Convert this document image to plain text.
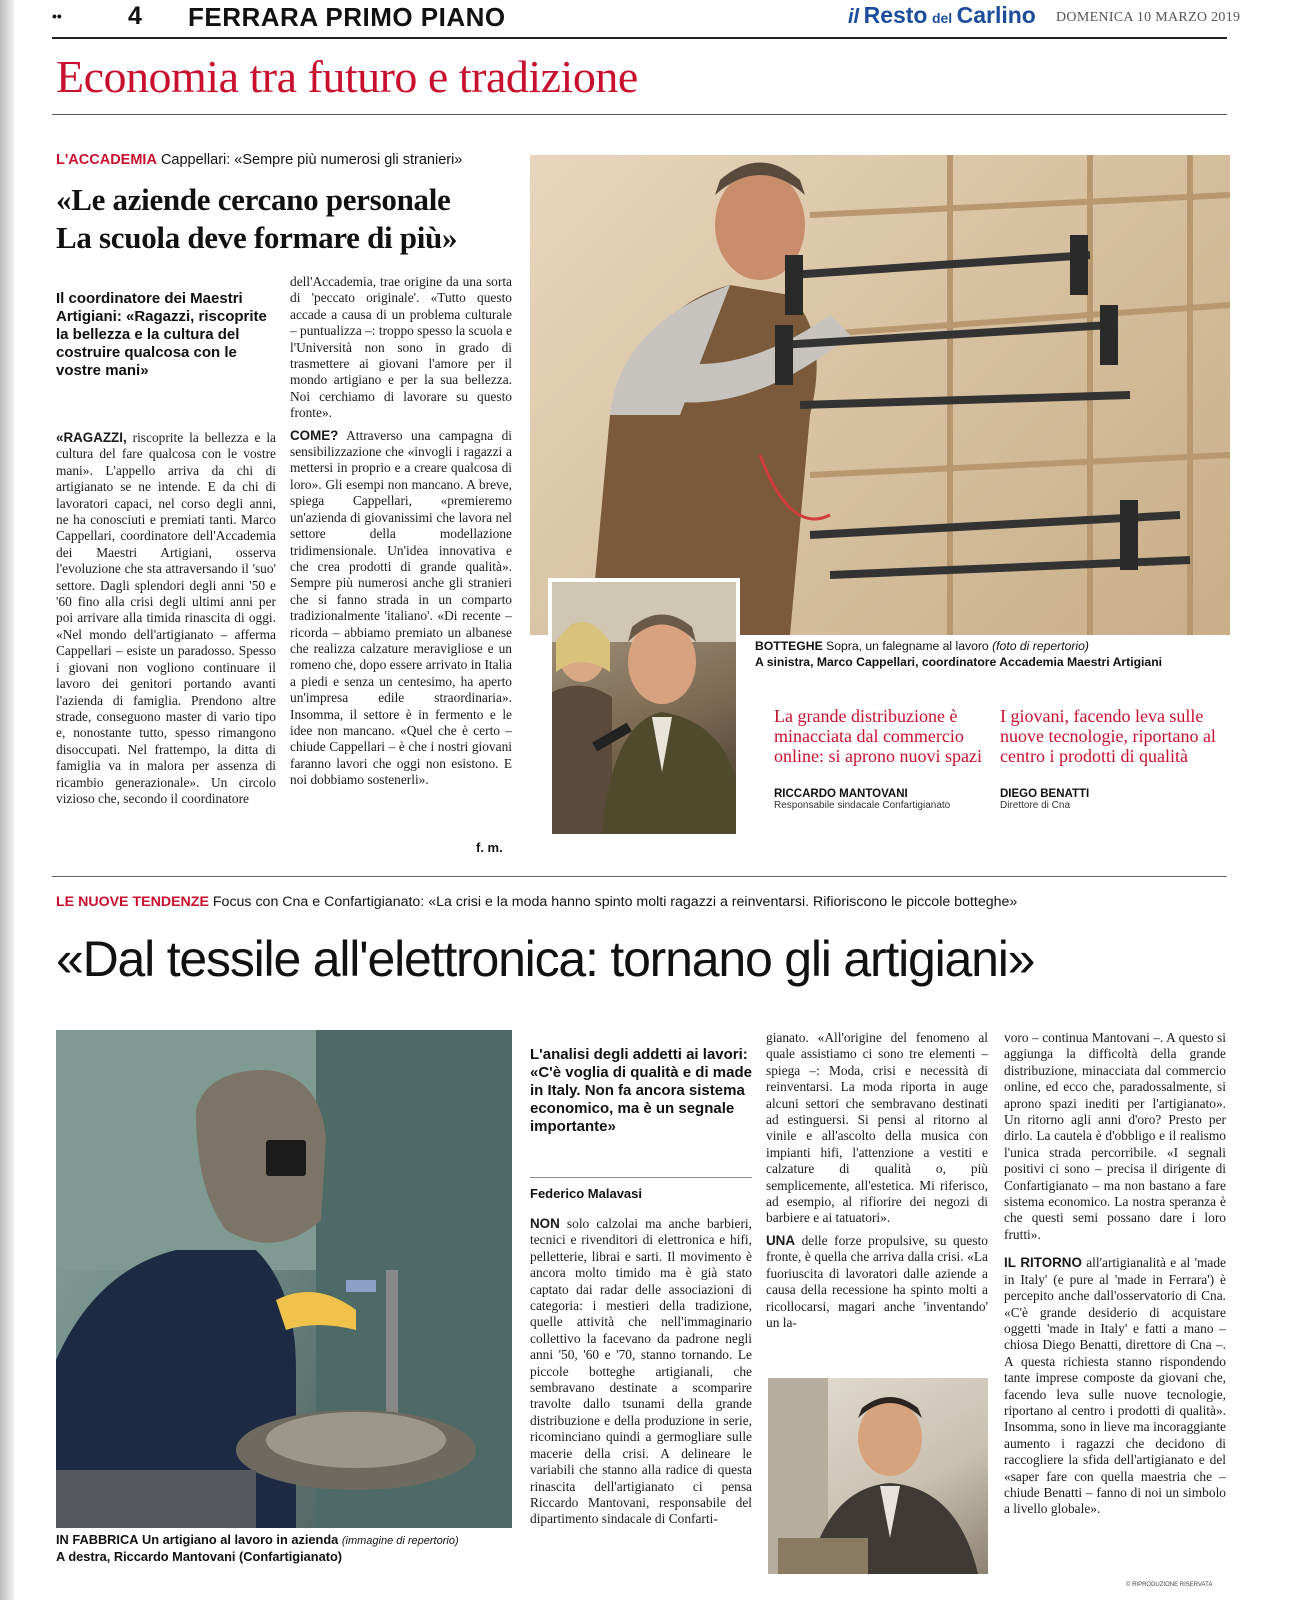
••	4 FERRARA PRIMO PIANO	il Resto del Carlino DOMENICA 10 MARZO 2019
Economia tra futuro e tradizione
L'ACCADEMIA Cappellari: «Sempre più numerosi gli stranieri»
«Le aziende cercano personale
La scuola deve formare di più»
Il coordinatore dei Maestri Artigiani: «Ragazzi, riscoprite la bellezza e la cultura del costruire qualcosa con le vostre mani»

«RAGAZZI, riscoprite la bellezza e la cultura del fare qualcosa con le vostre mani». L'appello arriva da chi di artigianato se ne intende. E da chi di lavoratori capaci, nel corso degli anni, ne ha conosciuti e premiati tanti. Marco Cappellari, coordinatore dell'Accademia dei Maestri Artigiani, osserva l'evoluzione che sta attraversando il 'suo' settore. Dagli splendori degli anni '50 e '60 fino alla crisi degli ultimi anni per poi arrivare alla timida rinascita di oggi. «Nel mondo dell'artigianato – afferma Cappellari – esiste un paradosso. Spesso i giovani non vogliono continuare il lavoro dei genitori portando avanti l'azienda di famiglia. Prendono altre strade, conseguono master di vario tipo e, nonostante tutto, spesso rimangono disoccupati. Nel frattempo, la ditta di famiglia va in malora per assenza di ricambio generazionale». Un circolo vizioso che, secondo il coordinatore

dell'Accademia, trae origine da una sorta di 'peccato originale'. «Tutto questo accade a causa di un problema culturale – puntualizza –: troppo spesso la scuola e l'Università non sono in grado di trasmettere ai giovani l'amore per il mondo artigiano e per la sua bellezza. Noi cerchiamo di lavorare su questo fronte».

COME? Attraverso una campagna di sensibilizzazione che «invogli i ragazzi a mettersi in proprio e a creare qualcosa di loro». Gli esempi non mancano. A breve, spiega Cappellari, «premieremo un'azienda di giovanissimi che lavora nel settore della modellazione tridimensionale. Un'idea innovativa e che crea prodotti di grande qualità». Sempre più numerosi anche gli stranieri che si fanno strada in un comparto tradizionalmente 'italiano'. «Di recente – ricorda – abbiamo premiato un albanese che realizza calzature meravigliose e un romeno che, dopo essere arrivato in Italia a piedi e senza un centesimo, ha aperto un'impresa edile straordinaria». Insomma, il settore è in fermento e le idee non mancano. «Quel che è certo – chiude Cappellari – è che i nostri giovani faranno lavori che oggi non esistono. E noi dobbiamo sostenerli».

f. m.
BOTTEGHE Sopra, un falegname al lavoro (foto di repertorio)
A sinistra, Marco Cappellari, coordinatore Accademia Maestri Artigiani
La grande distribuzione è minacciata dal commercio online: si aprono nuovi spazi
RICCARDO MANTOVANI
Responsabile sindacale Confartigianato
I giovani, facendo leva sulle nuove tecnologie, riportano al centro i prodotti di qualità
DIEGO BENATTI
Direttore di Cna
LE NUOVE TENDENZE Focus con Cna e Confartigianato: «La crisi e la moda hanno spinto molti ragazzi a reinventarsi. Rifioriscono le piccole botteghe»
«Dal tessile all'elettronica: tornano gli artigiani»
IN FABBRICA Un artigiano al lavoro in azienda (immagine di repertorio)
A destra, Riccardo Mantovani (Confartigianato)
L'analisi degli addetti ai lavori: «C'è voglia di qualità e di made in Italy. Non fa ancora sistema economico, ma è un segnale importante»
Federico Malavasi

NON solo calzolai ma anche barbieri, tecnici e rivenditori di elettronica e hifi, pelletterie, librai e sarti. Il movimento è ancora molto timido ma è già stato captato dai radar delle associazioni di categoria: i mestieri della tradizione, quelle attività che nell'immaginario collettivo la facevano da padrone negli anni '50, '60 e '70, stanno tornando. Le piccole botteghe artigianali, che sembravano destinate a scomparire travolte dallo tsunami della grande distribuzione e della produzione in serie, ricominciano quindi a germogliare sulle macerie della crisi. A delineare le variabili che stanno alla radice di questa rinascita dell'artigianato ci pensa Riccardo Mantovani, responsabile del dipartimento sindacale di Confarti-

gianato. «All'origine del fenomeno al quale assistiamo ci sono tre elementi – spiega –: Moda, crisi e necessità di reinventarsi. La moda riporta in auge alcuni settori che sembravano destinati ad estinguersi. Si pensi al ritorno al vinile e all'ascolto della musica con impianti hifi, l'attenzione a vestiti e calzature di qualità o, più semplicemente, all'estetica. Mi riferisco, ad esempio, al rifiorire dei negozi di barbiere e ai tatuatori».

UNA delle forze propulsive, su questo fronte, è quella che arriva dalla crisi. «La fuoriuscita di lavoratori dalle aziende a causa della recessione ha spinto molti a ricollocarsi, magari anche 'inventando' un la-

voro – continua Mantovani –. A questo si aggiunga la difficoltà della grande distribuzione, minacciata dal commercio online, ed ecco che, paradossalmente, si aprono spazi inediti per l'artigianato». Un ritorno agli anni d'oro? Presto per dirlo. La cautela è d'obbligo e il realismo l'unica strada percorribile. «I segnali positivi ci sono – precisa il dirigente di Confartigianato – ma non bastano a fare sistema economico. La nostra speranza è che questi semi possano dare i loro frutti».

IL RITORNO all'artigianalità e al 'made in Italy' (e pure al 'made in Ferrara') è percepito anche dall'osservatorio di Cna. «C'è grande desiderio di acquistare oggetti 'made in Italy' e fatti a mano – chiosa Diego Benatti, direttore di Cna –. A questa richiesta stanno rispondendo tante imprese composte da giovani che, facendo leva sulle nuove tecnologie, riportano al centro i prodotti di qualità». Insomma, sono in lieve ma incoraggiante aumento i ragazzi che decidono di raccogliere la sfida dell'artigianato e del «saper fare con quella maestria che – chiude Benatti – fanno di noi un simbolo a livello globale».

© RIPRODUZIONE RISERVATA
